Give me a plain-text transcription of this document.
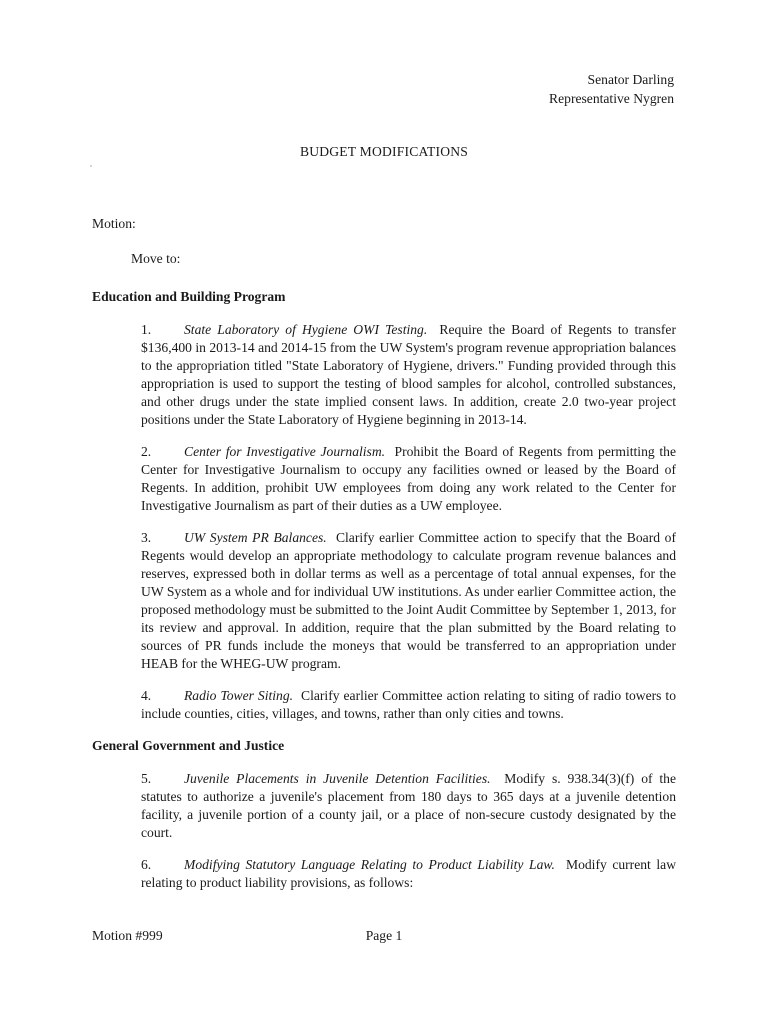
Senator Darling
Representative Nygren
BUDGET MODIFICATIONS
Motion:
Move to:
Education and Building Program

1. State Laboratory of Hygiene OWI Testing. Require the Board of Regents to transfer $136,400 in 2013-14 and 2014-15 from the UW System's program revenue appropriation balances to the appropriation titled "State Laboratory of Hygiene, drivers." Funding provided through this appropriation is used to support the testing of blood samples for alcohol, controlled substances, and other drugs under the state implied consent laws. In addition, create 2.0 two-year project positions under the State Laboratory of Hygiene beginning in 2013-14.

2. Center for Investigative Journalism. Prohibit the Board of Regents from permitting the Center for Investigative Journalism to occupy any facilities owned or leased by the Board of Regents. In addition, prohibit UW employees from doing any work related to the Center for Investigative Journalism as part of their duties as a UW employee.

3. UW System PR Balances. Clarify earlier Committee action to specify that the Board of Regents would develop an appropriate methodology to calculate program revenue balances and reserves, expressed both in dollar terms as well as a percentage of total annual expenses, for the UW System as a whole and for individual UW institutions. As under earlier Committee action, the proposed methodology must be submitted to the Joint Audit Committee by September 1, 2013, for its review and approval. In addition, require that the plan submitted by the Board relating to sources of PR funds include the moneys that would be transferred to an appropriation under HEAB for the WHEG-UW program.

4. Radio Tower Siting. Clarify earlier Committee action relating to siting of radio towers to include counties, cities, villages, and towns, rather than only cities and towns.

General Government and Justice

5. Juvenile Placements in Juvenile Detention Facilities. Modify s. 938.34(3)(f) of the statutes to authorize a juvenile's placement from 180 days to 365 days at a juvenile detention facility, a juvenile portion of a county jail, or a place of non-secure custody designated by the court.

6. Modifying Statutory Language Relating to Product Liability Law. Modify current law relating to product liability provisions, as follows:

Motion #999	Page 1
